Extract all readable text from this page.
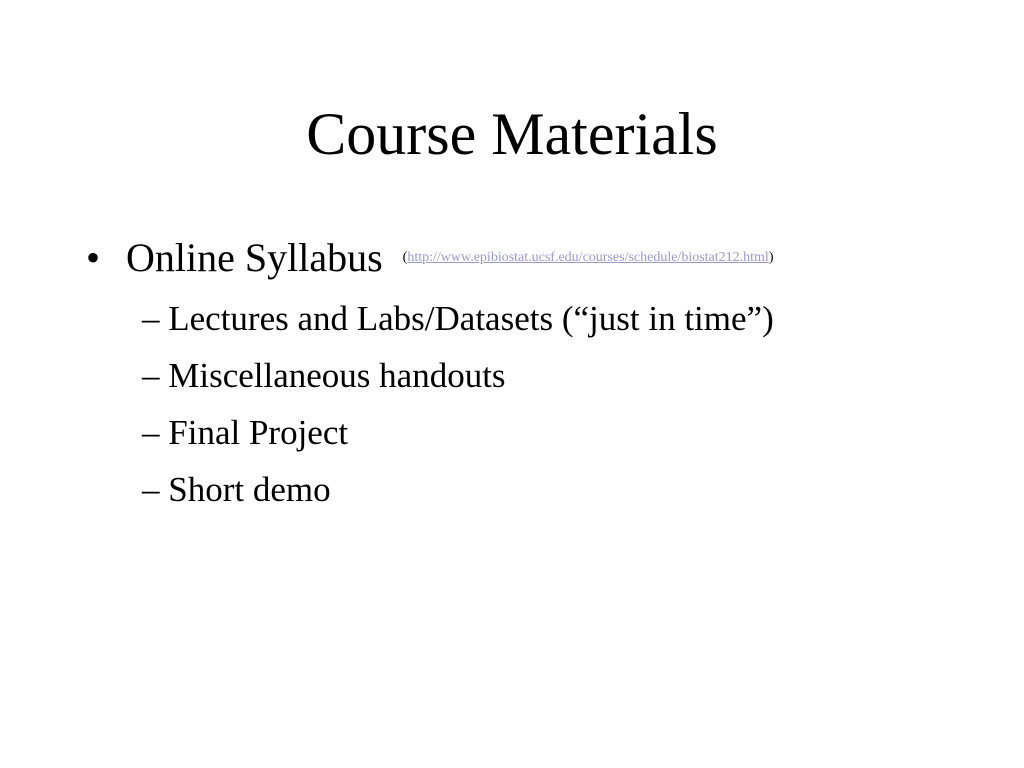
Course Materials
• Online Syllabus $^{(http://www.epibiostat.ucsf.edu/courses/schedule/biostat212.html)}$
– Lectures and Labs/Datasets (“just in time”)
– Miscellaneous handouts
– Final Project
– Short demo
